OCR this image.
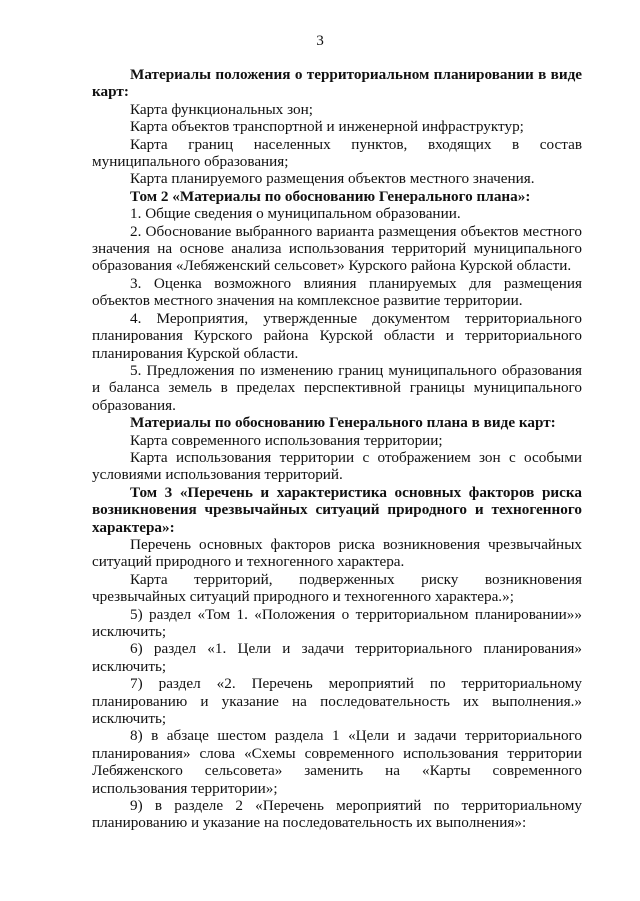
3

Материалы положения о территориальном планировании в виде карт:

Карта функциональных зон;

Карта объектов транспортной и инженерной инфраструктур;

Карта границ населенных пунктов, входящих в состав муниципального образования;

Карта планируемого размещения объектов местного значения.

Том 2 «Материалы по обоснованию Генерального плана»:

1. Общие сведения о муниципальном образовании.

2. Обоснование выбранного варианта размещения объектов местного значения на основе анализа использования территорий муниципального образования «Лебяженский сельсовет» Курского района Курской области.

3. Оценка возможного влияния планируемых для размещения объектов местного значения на комплексное развитие территории.

4. Мероприятия, утвержденные документом территориального планирования Курского района Курской области и территориального планирования Курской области.

5. Предложения по изменению границ муниципального образования и баланса земель в пределах перспективной границы муниципального образования.

Материалы по обоснованию Генерального плана в виде карт:

Карта современного использования территории;

Карта использования территории с отображением зон с особыми условиями использования территорий.

Том 3 «Перечень и характеристика основных факторов риска возникновения чрезвычайных ситуаций природного и техногенного характера»:

Перечень основных факторов риска возникновения чрезвычайных ситуаций природного и техногенного характера.

Карта территорий, подверженных риску возникновения чрезвычайных ситуаций природного и техногенного характера.»;

5) раздел «Том 1. «Положения о территориальном планировании»» исключить;

6) раздел «1. Цели и задачи территориального планирования» исключить;

7) раздел «2. Перечень мероприятий по территориальному планированию и указание на последовательность их выполнения.» исключить;

8) в абзаце шестом раздела 1 «Цели и задачи территориального планирования» слова «Схемы современного использования территории Лебяженского сельсовета» заменить на «Карты современного использования территории»;

9) в разделе 2 «Перечень мероприятий по территориальному планированию и указание на последовательность их выполнения»:
